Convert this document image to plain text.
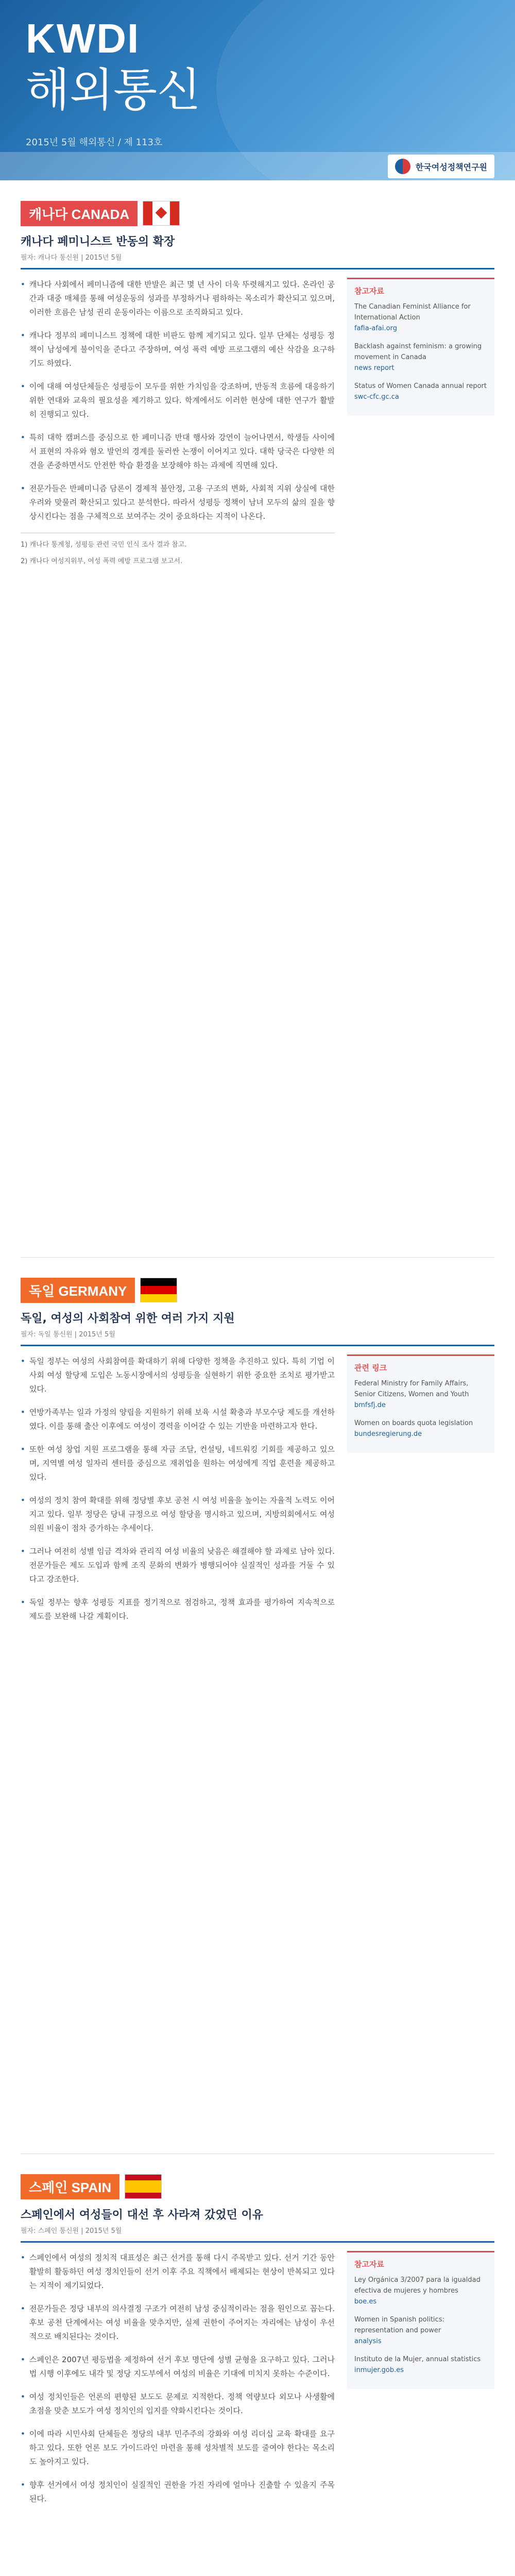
KWDI
해외통신
2015년 5월 해외통신 / 제 113호
한국여성정책연구원
캐나다 CANADA
캐나다 페미니스트 반동의 확장
필자: 캐나다 통신원 | 2015년 5월
• 캐나다 사회에서 페미니즘에 대한 반발은 최근 몇 년 사이 더욱 뚜렷해지고 있다. 온라인 공간과 대중 매체를 통해 여성운동의 성과를 부정하거나 폄하하는 목소리가 확산되고 있으며, 이러한 흐름은 남성 권리 운동이라는 이름으로 조직화되고 있다.

• 캐나다 정부의 페미니스트 정책에 대한 비판도 함께 제기되고 있다. 일부 단체는 성평등 정책이 남성에게 불이익을 준다고 주장하며, 여성 폭력 예방 프로그램의 예산 삭감을 요구하기도 하였다.

• 이에 대해 여성단체들은 성평등이 모두를 위한 가치임을 강조하며, 반동적 흐름에 대응하기 위한 연대와 교육의 필요성을 제기하고 있다. 학계에서도 이러한 현상에 대한 연구가 활발히 진행되고 있다.

• 특히 대학 캠퍼스를 중심으로 한 페미니즘 반대 행사와 강연이 늘어나면서, 학생들 사이에서 표현의 자유와 혐오 발언의 경계를 둘러싼 논쟁이 이어지고 있다. 대학 당국은 다양한 의견을 존중하면서도 안전한 학습 환경을 보장해야 하는 과제에 직면해 있다.

• 전문가들은 반페미니즘 담론이 경제적 불안정, 고용 구조의 변화, 사회적 지위 상실에 대한 우려와 맞물려 확산되고 있다고 분석한다. 따라서 성평등 정책이 남녀 모두의 삶의 질을 향상시킨다는 점을 구체적으로 보여주는 것이 중요하다는 지적이 나온다.

1) 캐나다 통계청, 성평등 관련 국민 인식 조사 결과 참고.

2) 캐나다 여성지위부, 여성 폭력 예방 프로그램 보고서.

참고자료
The Canadian Feminist Alliance for International Action
fafia-afai.org
Backlash against feminism: a growing movement in Canada
news report
Status of Women Canada annual report
swc-cfc.gc.ca
독일 GERMANY
독일, 여성의 사회참여 위한 여러 가지 지원
필자: 독일 통신원 | 2015년 5월
• 독일 정부는 여성의 사회참여를 확대하기 위해 다양한 정책을 추진하고 있다. 특히 기업 이사회 여성 할당제 도입은 노동시장에서의 성평등을 실현하기 위한 중요한 조치로 평가받고 있다.

• 연방가족부는 일과 가정의 양립을 지원하기 위해 보육 시설 확충과 부모수당 제도를 개선하였다. 이를 통해 출산 이후에도 여성이 경력을 이어갈 수 있는 기반을 마련하고자 한다.

• 또한 여성 창업 지원 프로그램을 통해 자금 조달, 컨설팅, 네트워킹 기회를 제공하고 있으며, 지역별 여성 일자리 센터를 중심으로 재취업을 원하는 여성에게 직업 훈련을 제공하고 있다.

• 여성의 정치 참여 확대를 위해 정당별 후보 공천 시 여성 비율을 높이는 자율적 노력도 이어지고 있다. 일부 정당은 당내 규정으로 여성 할당을 명시하고 있으며, 지방의회에서도 여성 의원 비율이 점차 증가하는 추세이다.

• 그러나 여전히 성별 임금 격차와 관리직 여성 비율의 낮음은 해결해야 할 과제로 남아 있다. 전문가들은 제도 도입과 함께 조직 문화의 변화가 병행되어야 실질적인 성과를 거둘 수 있다고 강조한다.

• 독일 정부는 향후 성평등 지표를 정기적으로 점검하고, 정책 효과를 평가하여 지속적으로 제도를 보완해 나갈 계획이다.

관련 링크
Federal Ministry for Family Affairs, Senior Citizens, Women and Youth
bmfsfj.de
Women on boards quota legislation
bundesregierung.de
스페인 SPAIN
스페인에서 여성들이 대선 후 사라져 갔었던 이유
필자: 스페인 통신원 | 2015년 5월
• 스페인에서 여성의 정치적 대표성은 최근 선거를 통해 다시 주목받고 있다. 선거 기간 동안 활발히 활동하던 여성 정치인들이 선거 이후 주요 직책에서 배제되는 현상이 반복되고 있다는 지적이 제기되었다.

• 전문가들은 정당 내부의 의사결정 구조가 여전히 남성 중심적이라는 점을 원인으로 꼽는다. 후보 공천 단계에서는 여성 비율을 맞추지만, 실제 권한이 주어지는 자리에는 남성이 우선적으로 배치된다는 것이다.

• 스페인은 2007년 평등법을 제정하여 선거 후보 명단에 성별 균형을 요구하고 있다. 그러나 법 시행 이후에도 내각 및 정당 지도부에서 여성의 비율은 기대에 미치지 못하는 수준이다.

• 여성 정치인들은 언론의 편향된 보도도 문제로 지적한다. 정책 역량보다 외모나 사생활에 초점을 맞춘 보도가 여성 정치인의 입지를 약화시킨다는 것이다.

• 이에 따라 시민사회 단체들은 정당의 내부 민주주의 강화와 여성 리더십 교육 확대를 요구하고 있다. 또한 언론 보도 가이드라인 마련을 통해 성차별적 보도를 줄여야 한다는 목소리도 높아지고 있다.

• 향후 선거에서 여성 정치인이 실질적인 권한을 가진 자리에 얼마나 진출할 수 있을지 주목된다.

참고자료
Ley Orgánica 3/2007 para la igualdad efectiva de mujeres y hombres
boe.es
Women in Spanish politics: representation and power
analysis
Instituto de la Mujer, annual statistics
inmujer.gob.es
